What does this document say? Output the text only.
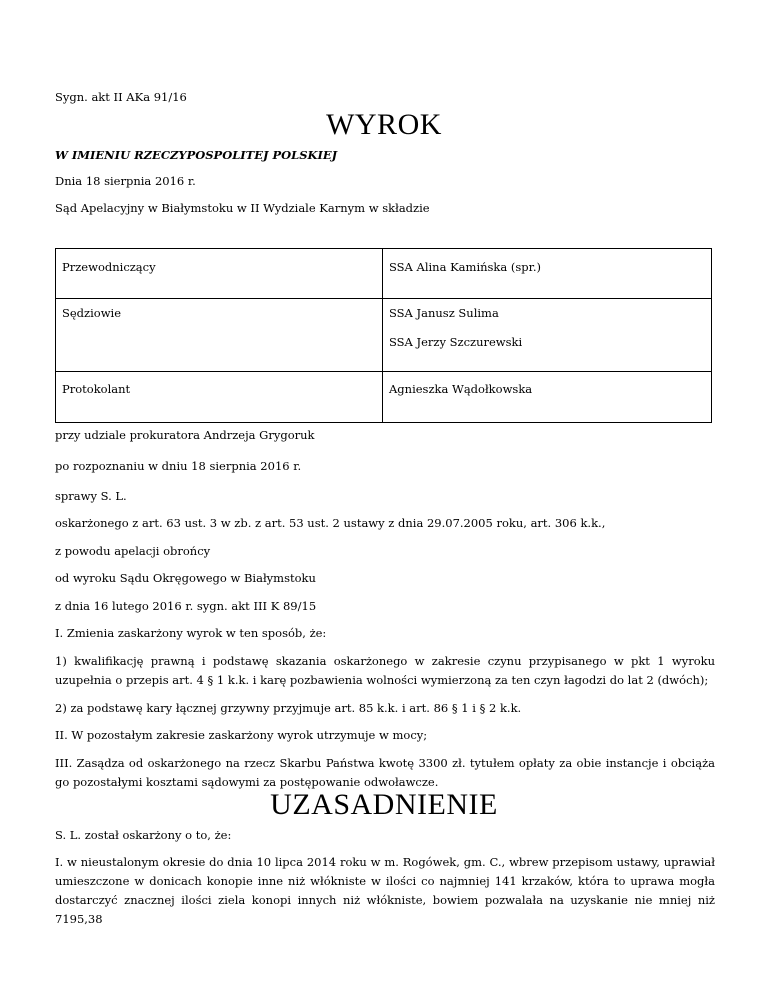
Sygn. akt II AKa 91/16
WYROK
W IMIENIU RZECZYPOSPOLITEJ POLSKIEJ
Dnia 18 sierpnia 2016 r.
Sąd Apelacyjny w Białymstoku w II Wydziale Karnym w składzie
Przewodniczący	SSA Alina Kamińska (spr.)

Sędziowie	SSA Janusz Sulima
SSA Jerzy Szczurewski

Protokolant	Agnieszka Wądołkowska
przy udziale prokuratora Andrzeja Grygoruk
po rozpoznaniu w dniu 18 sierpnia 2016 r.
sprawy S. L.
oskarżonego z art. 63 ust. 3 w zb. z art. 53 ust. 2 ustawy z dnia 29.07.2005 roku, art. 306 k.k.,
z powodu apelacji obrońcy
od wyroku Sądu Okręgowego w Białymstoku
z dnia 16 lutego 2016 r. sygn. akt III K 89/15
I. Zmienia zaskarżony wyrok w ten sposób, że:
1) kwalifikację prawną i podstawę skazania oskarżonego w zakresie czynu przypisanego w pkt 1 wyroku uzupełnia o przepis art. 4 § 1 k.k. i karę pozbawienia wolności wymierzoną za ten czyn łagodzi do lat 2 (dwóch);
2) za podstawę kary łącznej grzywny przyjmuje art. 85 k.k. i art. 86 § 1 i § 2 k.k.
II. W pozostałym zakresie zaskarżony wyrok utrzymuje w mocy;
III. Zasądza od oskarżonego na rzecz Skarbu Państwa kwotę 3300 zł. tytułem opłaty za obie instancje i obciąża go pozostałymi kosztami sądowymi za postępowanie odwoławcze.
UZASADNIENIE
S. L. został oskarżony o to, że:
I. w nieustalonym okresie do dnia 10 lipca 2014 roku w m. Rogówek, gm. C., wbrew przepisom ustawy, uprawiał umieszczone w donicach konopie inne niż włókniste w ilości co najmniej 141 krzaków, która to uprawa mogła dostarczyć znacznej ilości ziela konopi innych niż włókniste, bowiem pozwalała na uzyskanie nie mniej niż 7195,38
